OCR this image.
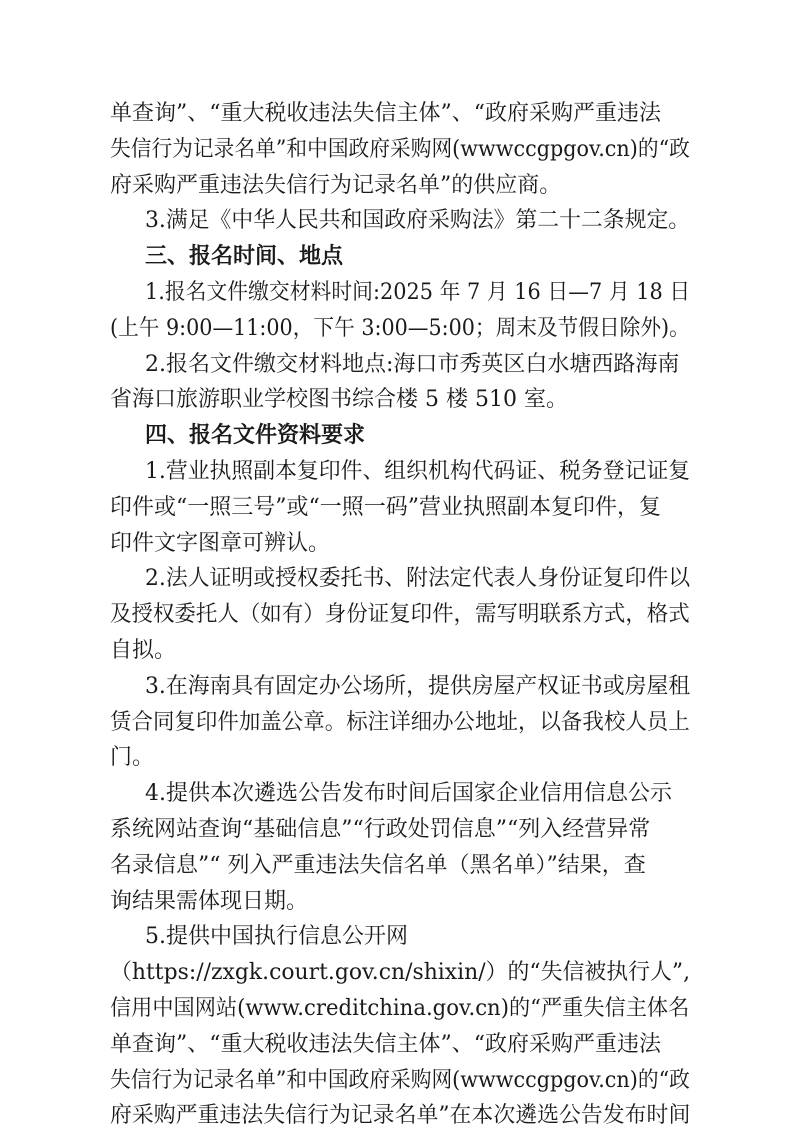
单查询”、“重大税收违法失信主体”、“政府采购严重违法
失信行为记录名单”和中国政府采购网(wwwccgpgov.cn)的“政
府采购严重违法失信行为记录名单”的供应商。
3.满足《中华人民共和国政府采购法》第二十二条规定。
三、报名时间、地点
1.报名文件缴交材料时间:2025 年 7 月 16 日—7 月 18 日
(上午 9:00—11:00，下午 3:00—5:00；周末及节假日除外)。
2.报名文件缴交材料地点:海口市秀英区白水塘西路海南
省海口旅游职业学校图书综合楼 5 楼 510 室。
四、报名文件资料要求
1.营业执照副本复印件、组织机构代码证、税务登记证复
印件或“一照三号”或“一照一码”营业执照副本复印件，复
印件文字图章可辨认。
2.法人证明或授权委托书、附法定代表人身份证复印件以
及授权委托人（如有）身份证复印件，需写明联系方式，格式
自拟。
3.在海南具有固定办公场所，提供房屋产权证书或房屋租
赁合同复印件加盖公章。标注详细办公地址，以备我校人员上
门。
4.提供本次遴选公告发布时间后国家企业信用信息公示
系统网站查询“基础信息”“行政处罚信息”“列入经营异常
名录信息”“ 列入严重违法失信名单（黑名单）”结果，查
询结果需体现日期。
5.提供中国执行信息公开网
（https://zxgk.court.gov.cn/shixin/）的“失信被执行人”,
信用中国网站(www.creditchina.gov.cn)的“严重失信主体名
单查询”、“重大税收违法失信主体”、“政府采购严重违法
失信行为记录名单”和中国政府采购网(wwwccgpgov.cn)的“政
府采购严重违法失信行为记录名单”在本次遴选公告发布时间
